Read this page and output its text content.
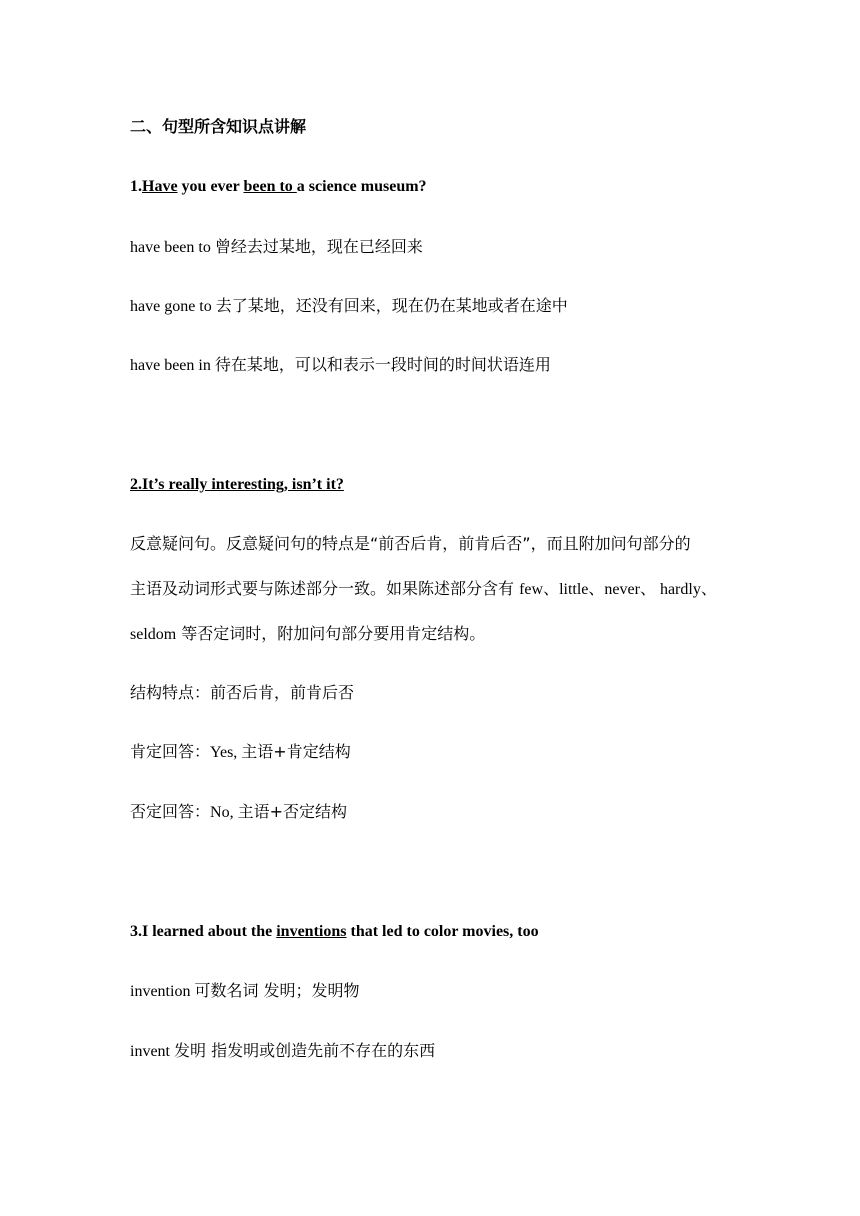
二、句型所含知识点讲解
1.Have you ever been to a science museum?
have been to 曾经去过某地，现在已经回来
have gone to 去了某地，还没有回来，现在仍在某地或者在途中
have been in 待在某地，可以和表示一段时间的时间状语连用
2.It’s really interesting, isn’t it?
反意疑问句。反意疑问句的特点是“前否后肯，前肯后否”，而且附加问句部分的
主语及动词形式要与陈述部分一致。如果陈述部分含有 few、little、never、 hardly、
seldom 等否定词时，附加问句部分要用肯定结构。
结构特点：前否后肯，前肯后否
肯定回答：Yes, 主语+肯定结构
否定回答：No, 主语+否定结构
3.I learned about the inventions that led to color movies, too
invention 可数名词 发明；发明物
invent 发明 指发明或创造先前不存在的东西
